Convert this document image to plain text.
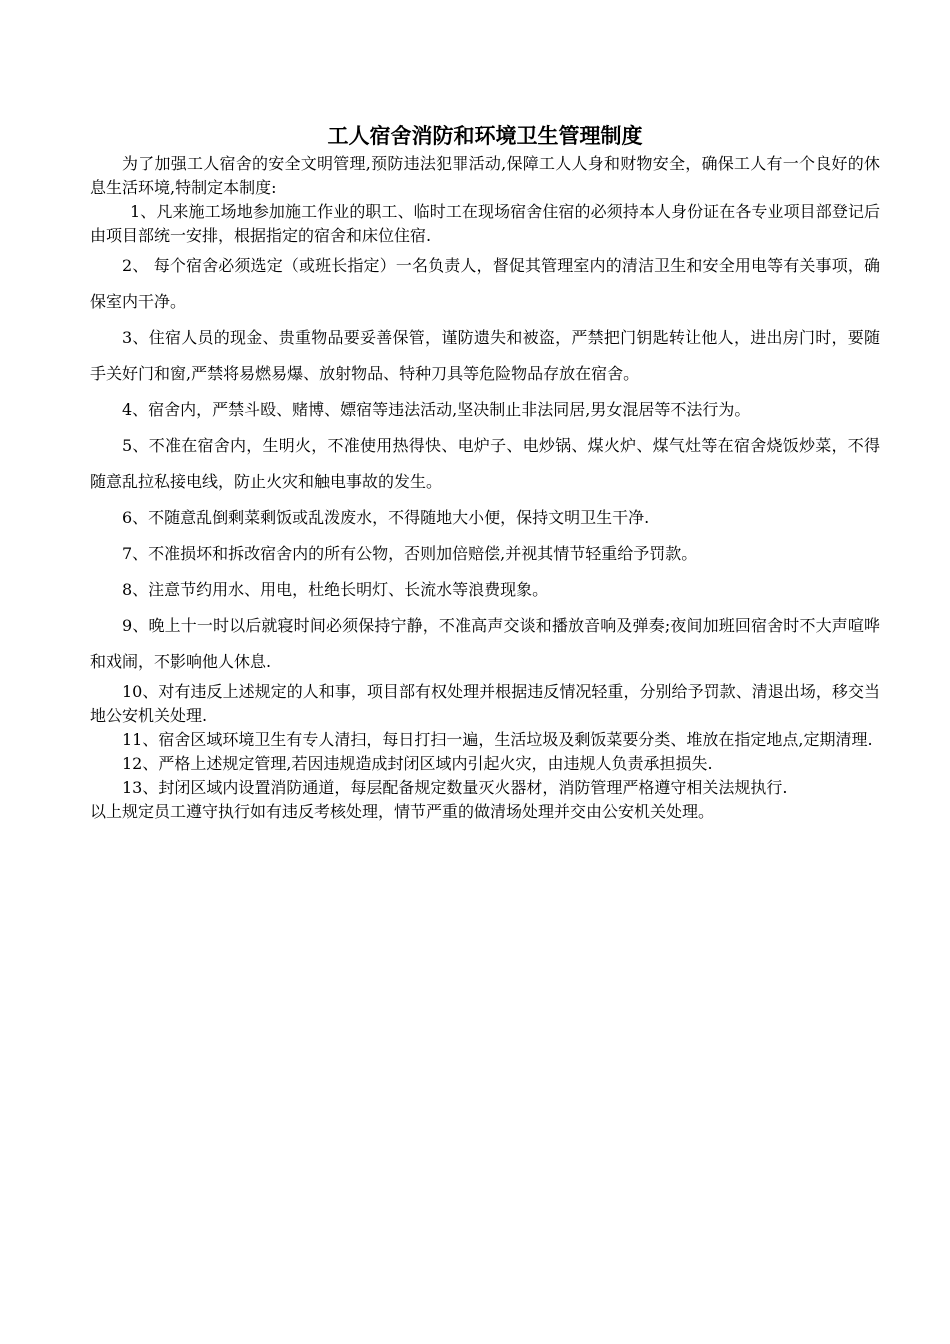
工人宿舍消防和环境卫生管理制度

为了加强工人宿舍的安全文明管理,预防违法犯罪活动,保障工人人身和财物安全，确保工人有一个良好的休息生活环境,特制定本制度:

1、凡来施工场地参加施工作业的职工、临时工在现场宿舍住宿的必须持本人身份证在各专业项目部登记后由项目部统一安排，根据指定的宿舍和床位住宿.

2、 每个宿舍必须选定（或班长指定）一名负责人，督促其管理室内的清洁卫生和安全用电等有关事项，确保室内干净。

3、住宿人员的现金、贵重物品要妥善保管，谨防遗失和被盗，严禁把门钥匙转让他人，进出房门时，要随手关好门和窗,严禁将易燃易爆、放射物品、特种刀具等危险物品存放在宿舍。

4、宿舍内，严禁斗殴、赌博、嫖宿等违法活动,坚决制止非法同居,男女混居等不法行为。

5、不准在宿舍内，生明火，不准使用热得快、电炉子、电炒锅、煤火炉、煤气灶等在宿舍烧饭炒菜，不得随意乱拉私接电线，防止火灾和触电事故的发生。

6、不随意乱倒剩菜剩饭或乱泼废水，不得随地大小便，保持文明卫生干净.

7、不准损坏和拆改宿舍内的所有公物，否则加倍赔偿,并视其情节轻重给予罚款。

8、注意节约用水、用电，杜绝长明灯、长流水等浪费现象。

9、晚上十一时以后就寝时间必须保持宁静，不准高声交谈和播放音响及弹奏;夜间加班回宿舍时不大声喧哗和戏闹，不影响他人休息.

10、对有违反上述规定的人和事，项目部有权处理并根据违反情况轻重，分别给予罚款、清退出场，移交当地公安机关处理.

11、宿舍区域环境卫生有专人清扫，每日打扫一遍，生活垃圾及剩饭菜要分类、堆放在指定地点,定期清理.

12、严格上述规定管理,若因违规造成封闭区域内引起火灾，由违规人负责承担损失.

13、封闭区域内设置消防通道，每层配备规定数量灭火器材，消防管理严格遵守相关法规执行.

以上规定员工遵守执行如有违反考核处理，情节严重的做清场处理并交由公安机关处理。
